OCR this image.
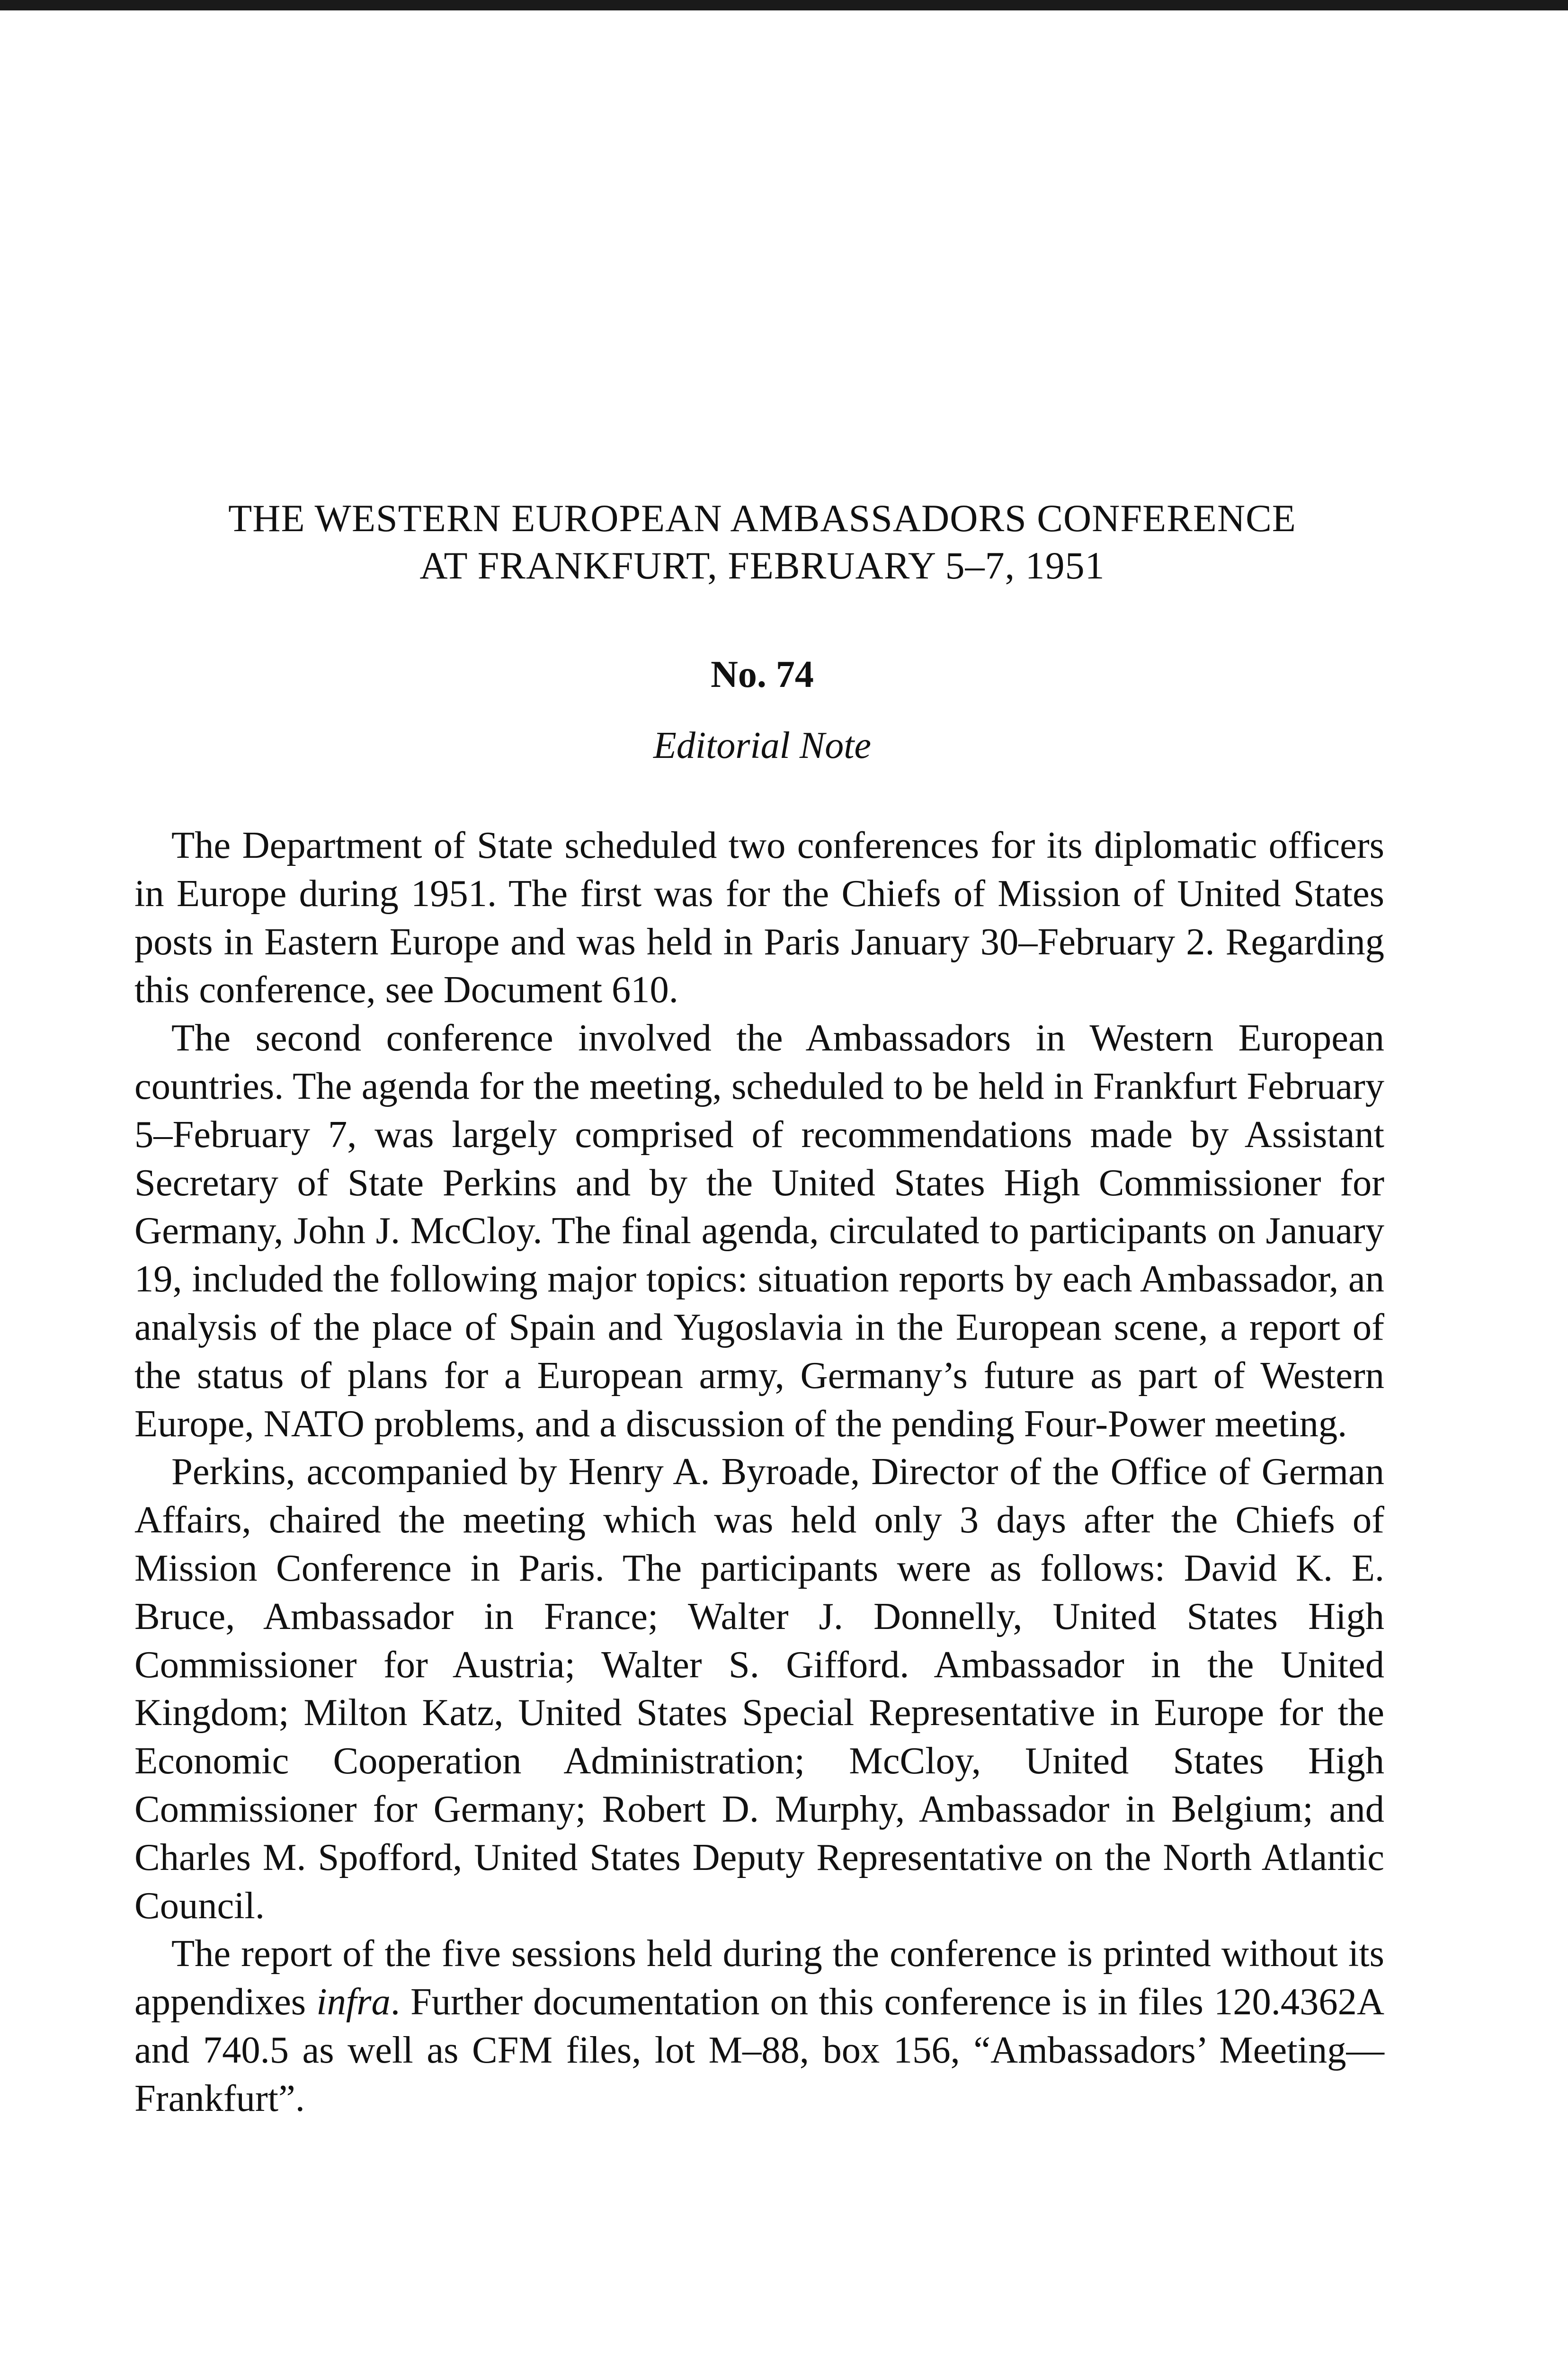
THE WESTERN EUROPEAN AMBASSADORS CONFERENCE
AT FRANKFURT, FEBRUARY 5–7, 1951
No. 74
Editorial Note

The Department of State scheduled two conferences for its diplomatic officers in Europe during 1951. The first was for the Chiefs of Mission of United States posts in Eastern Europe and was held in Paris January 30–February 2. Regarding this conference, see Document 610.

The second conference involved the Ambassadors in Western European countries. The agenda for the meeting, scheduled to be held in Frankfurt February 5–February 7, was largely comprised of recommendations made by Assistant Secretary of State Perkins and by the United States High Commissioner for Germany, John J. McCloy. The final agenda, circulated to participants on January 19, included the following major topics: situation reports by each Ambassador, an analysis of the place of Spain and Yugoslavia in the European scene, a report of the status of plans for a European army, Germany’s future as part of Western Europe, NATO problems, and a discussion of the pending Four-Power meeting.

Perkins, accompanied by Henry A. Byroade, Director of the Office of German Affairs, chaired the meeting which was held only 3 days after the Chiefs of Mission Conference in Paris. The participants were as follows: David K. E. Bruce, Ambassador in France; Walter J. Donnelly, United States High Commissioner for Austria; Walter S. Gifford. Ambassador in the United Kingdom; Milton Katz, United States Special Representative in Europe for the Economic Cooperation Administration; McCloy, United States High Commissioner for Germany; Robert D. Murphy, Ambassador in Belgium; and Charles M. Spofford, United States Deputy Representative on the North Atlantic Council.

The report of the five sessions held during the conference is printed without its appendixes infra. Further documentation on this conference is in files 120.4362A and 740.5 as well as CFM files, lot M–88, box 156, “Ambassadors’ Meeting—Frankfurt”.
